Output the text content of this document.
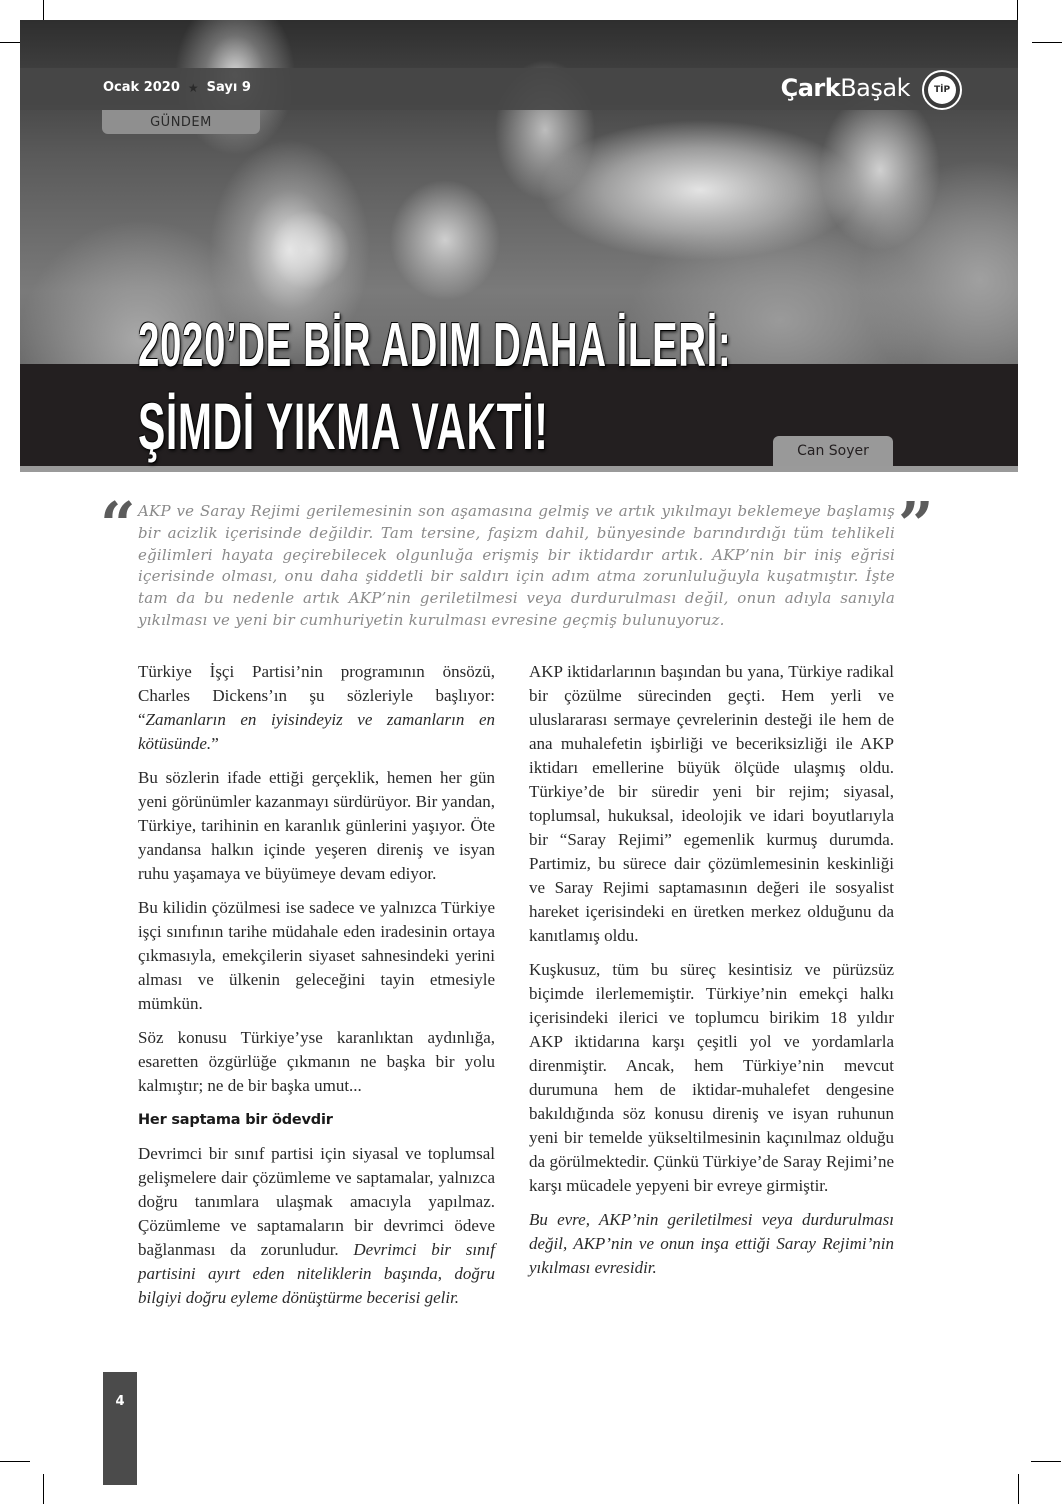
Ocak 2020 ★ Sayı 9	ÇarkBaşak	TİP
GÜNDEM
2020’DE BİR ADIM DAHA İLERİ:
ŞİMDİ YIKMA VAKTİ!	Can Soyer
“ AKP ve Saray Rejimi gerilemesinin son aşamasına gelmiş ve artık yıkılmayı beklemeye başlamış bir acizlik içerisinde değildir. Tam tersine, faşizm dahil, bünyesinde barındırdığı tüm tehlikeli eğilimleri hayata geçirebilecek olgunluğa erişmiş bir iktidardır artık. AKP’nin bir iniş eğrisi içerisinde olması, onu daha şiddetli bir saldırı için adım atma zorunluluğuyla kuşatmıştır. İşte tam da bu nedenle artık AKP’nin geriletilmesi veya durdurulması değil, onun adıyla sanıyla yıkılması ve yeni bir cumhuriyetin kurulması evresine geçmiş bulunuyoruz.
”

Türkiye İşçi Partisi’nin programının önsözü, Charles Dickens’ın şu sözleriyle başlıyor: “Zamanların en iyisindeyiz ve zamanların en kötüsünde.”

Bu sözlerin ifade ettiği gerçeklik, hemen her gün yeni görünümler kazanmayı sürdürüyor. Bir yandan, Türkiye, tarihinin en karanlık günlerini yaşıyor. Öte yandansa halkın içinde yeşeren direniş ve isyan ruhu yaşamaya ve büyümeye devam ediyor.

Bu kilidin çözülmesi ise sadece ve yalnızca Türkiye işçi sınıfının tarihe müdahale eden iradesinin ortaya çıkmasıyla, emekçilerin siyaset sahnesindeki yerini alması ve ülkenin geleceğini tayin etmesiyle mümkün.

Söz konusu Türkiye’yse karanlıktan aydınlığa, esaretten özgürlüğe çıkmanın ne başka bir yolu kalmıştır; ne de bir başka umut...

Her saptama bir ödevdir

Devrimci bir sınıf partisi için siyasal ve toplumsal gelişmelere dair çözümleme ve saptamalar, yalnızca doğru tanımlara ulaşmak amacıyla yapılmaz. Çözümleme ve saptamaların bir devrimci ödeve bağlanması da zorunludur. Devrimci bir sınıf partisini ayırt eden niteliklerin başında, doğru bilgiyi doğru eyleme dönüştürme becerisi gelir.

AKP iktidarlarının başından bu yana, Türkiye radikal bir çözülme sürecinden geçti. Hem yerli ve uluslararası sermaye çevrelerinin desteği ile hem de ana muhalefetin işbirliği ve beceriksizliği ile AKP iktidarı emellerine büyük ölçüde ulaşmış oldu. Türkiye’de bir süredir yeni bir rejim; siyasal, toplumsal, hukuksal, ideolojik ve idari boyutlarıyla bir “Saray Rejimi” egemenlik kurmuş durumda. Partimiz, bu sürece dair çözümlemesinin keskinliği ve Saray Rejimi saptamasının değeri ile sosyalist hareket içerisindeki en üretken merkez olduğunu da kanıtlamış oldu.

Kuşkusuz, tüm bu süreç kesintisiz ve pürüzsüz biçimde ilerlememiştir. Türkiye’nin emekçi halkı içerisindeki ilerici ve toplumcu birikim 18 yıldır AKP iktidarına karşı çeşitli yol ve yordamlarla direnmiştir. Ancak, hem Türkiye’nin mevcut durumuna hem de iktidar-muhalefet dengesine bakıldığında söz konusu direniş ve isyan ruhunun yeni bir temelde yükseltilmesinin kaçınılmaz olduğu da görülmektedir. Çünkü Türkiye’de Saray Rejimi’ne karşı mücadele yepyeni bir evreye girmiştir.

Bu evre, AKP’nin geriletilmesi veya durdurulması değil, AKP’nin ve onun inşa ettiği Saray Rejimi’nin yıkılması evresidir.

4
